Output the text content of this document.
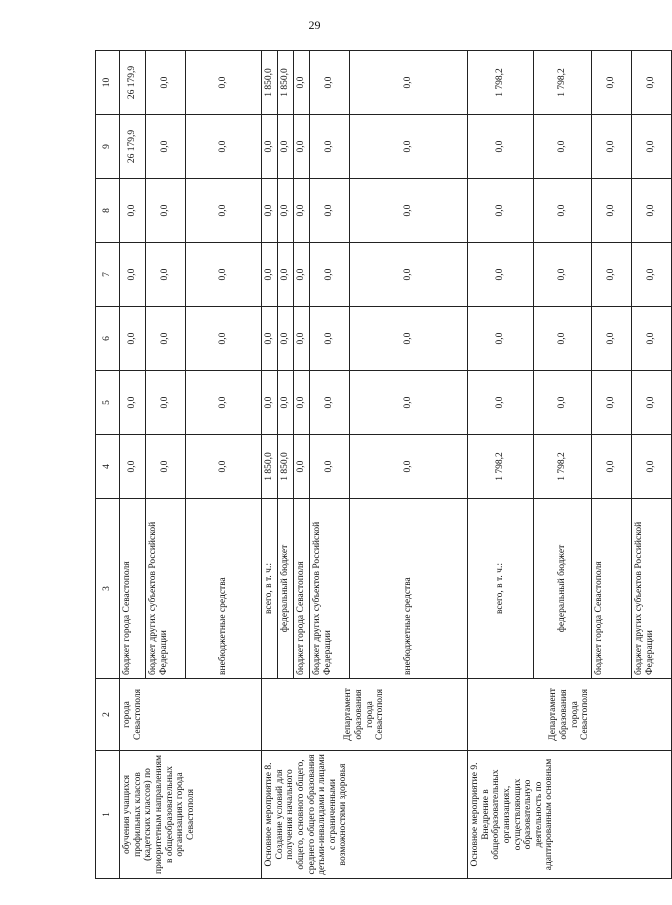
29
1	2	3	4	5	6	7	8	9	10
обучения учащихся профильных классов (кадетских классов) по приоритетным направлениям в общеобразовательных организациях города Севастополя	города Севастополя	бюджет города Севастополя	0,0	0,0	0,0	0,0	0,0	26 179,9	26 179,9
		бюджет других субъектов Российской Федерации	0,0	0,0	0,0	0,0	0,0	0,0	0,0
		внебюджетные средства	0,0	0,0	0,0	0,0	0,0	0,0	0,0
Основное мероприятие 8. Создание условий для получения начального общего, основного общего, среднего общего образования детьми-инвалидами и лицами с ограниченными возможностями здоровья	Департамент образования города Севастополя	всего, в т. ч.:	1 850,0	0,0	0,0	0,0	0,0	0,0	1 850,0
		федеральный бюджет	1 850,0	0,0	0,0	0,0	0,0	0,0	1 850,0
		бюджет города Севастополя	0,0	0,0	0,0	0,0	0,0	0,0	0,0
		бюджет других субъектов Российской Федерации	0,0	0,0	0,0	0,0	0,0	0,0	0,0
		внебюджетные средства	0,0	0,0	0,0	0,0	0,0	0,0	0,0
Основное мероприятие 9. Внедрение в общеобразовательных организациях, осуществляющих образовательную деятельность по адаптированным основным	Департамент образования города Севастополя	всего, в т. ч.:	1 798,2	0,0	0,0	0,0	0,0	0,0	1 798,2
		федеральный бюджет	1 798,2	0,0	0,0	0,0	0,0	0,0	1 798,2
		бюджет города Севастополя	0,0	0,0	0,0	0,0	0,0	0,0	0,0
		бюджет других субъектов Российской Федерации	0,0	0,0	0,0	0,0	0,0	0,0	0,0
